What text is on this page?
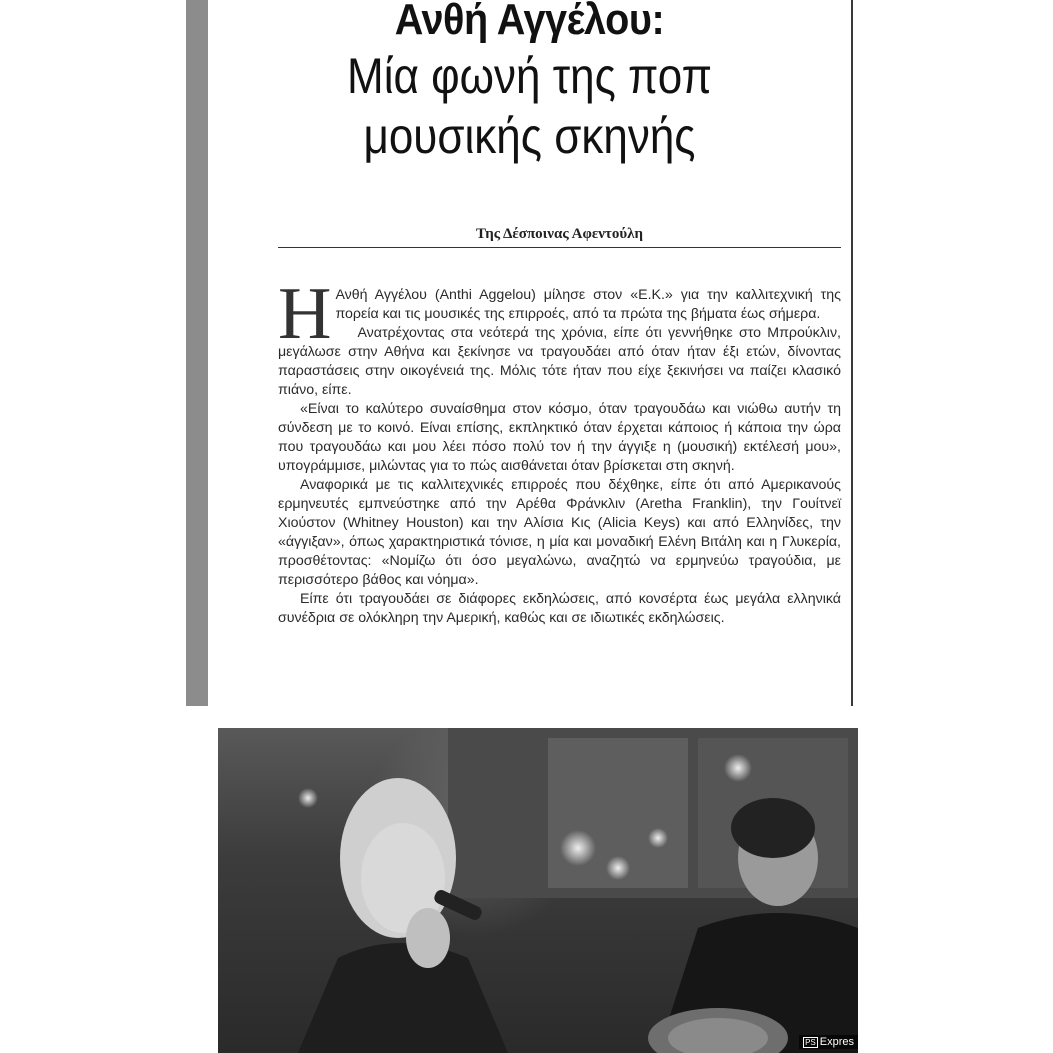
Ανθή Αγγέλου:
Μία φωνή της ποπ
μουσικής σκηνής
Της Δέσποινας Αφεντούλη

Η Ανθή Αγγέλου (Anthi Aggelou) μίλησε στον «Ε.Κ.» για την καλλιτεχνική της πορεία και τις μουσικές της επιρροές, από τα πρώτα της βήματα έως σήμερα.

Ανατρέχοντας στα νεότερά της χρόνια, είπε ότι γεννήθηκε στο Μπρούκλιν, μεγάλωσε στην Αθήνα και ξεκίνησε να τραγουδάει από όταν ήταν έξι ετών, δίνοντας παραστάσεις στην οικογένειά της. Μόλις τότε ήταν που είχε ξεκινήσει να παίζει κλασικό πιάνο, είπε.

«Είναι το καλύτερο συναίσθημα στον κόσμο, όταν τραγουδάω και νιώθω αυτήν τη σύνδεση με το κοινό. Είναι επίσης, εκπληκτικό όταν έρχεται κάποιος ή κάποια την ώρα που τραγουδάω και μου λέει πόσο πολύ τον ή την άγγιξε η (μουσική) εκτέλεσή μου», υπογράμμισε, μιλώντας για το πώς αισθάνεται όταν βρίσκεται στη σκηνή.

Αναφορικά με τις καλλιτεχνικές επιρροές που δέχθηκε, είπε ότι από Αμερικανούς ερμηνευτές εμπνεύστηκε από την Αρέθα Φράνκλιν (Aretha Franklin), την Γουίτνεϊ Χιούστον (Whitney Houston) και την Αλίσια Κις (Alicia Keys) και από Ελληνίδες, την «άγγιξαν», όπως χαρακτηριστικά τόνισε, η μία και μοναδική Ελένη Βιτάλη και η Γλυκερία, προσθέτοντας: «Νομίζω ότι όσο μεγαλώνω, αναζητώ να ερμηνεύω τραγούδια, με περισσότερο βάθος και νόημα».

Είπε ότι τραγουδάει σε διάφορες εκδηλώσεις, από κονσέρτα έως μεγάλα ελληνικά συνέδρια σε ολόκληρη την Αμερική, καθώς και σε ιδιωτικές εκδηλώσεις.

PS Expres
